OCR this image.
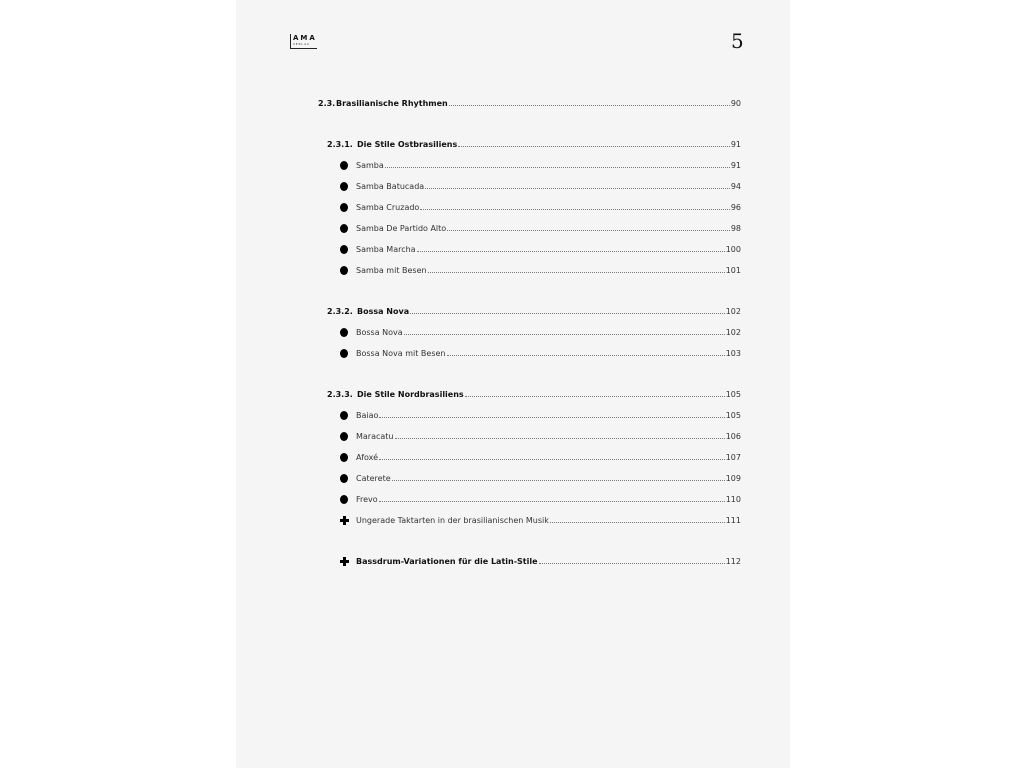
AMA
VERLAG	5
2.3. Brasilianische Rhythmen	90
2.3.1. Die Stile Ostbrasiliens	91
Samba	91
Samba Batucada	94
Samba Cruzado	96
Samba De Partido Alto	98
Samba Marcha	100
Samba mit Besen	101
2.3.2. Bossa Nova	102
Bossa Nova	102
Bossa Nova mit Besen	103
2.3.3. Die Stile Nordbrasiliens	105
Baiao	105
Maracatu	106
Afoxé	107
Caterete	109
Frevo	110
Ungerade Taktarten in der brasilianischen Musik	111
Bassdrum-Variationen für die Latin-Stile	112
